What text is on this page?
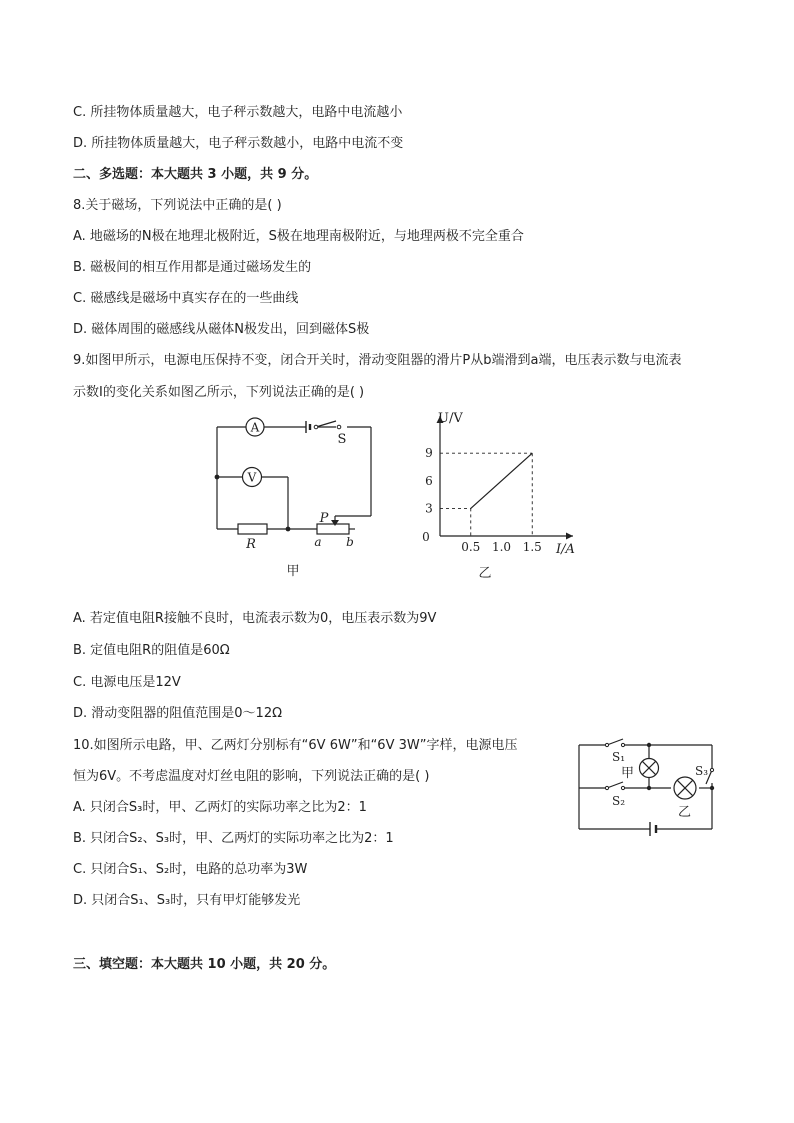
C. 所挂物体质量越大，电子秤示数越大，电路中电流越小
D. 所挂物体质量越大，电子秤示数越小，电路中电流不变
二、多选题：本大题共 3 小题，共 9 分。
8.关于磁场，下列说法中正确的是( )
A. 地磁场的N极在地理北极附近，S极在地理南极附近，与地理两极不完全重合
B. 磁极间的相互作用都是通过磁场发生的
C. 磁感线是磁场中真实存在的一些曲线
D. 磁体周围的磁感线从磁体N极发出，回到磁体S极
9.如图甲所示，电源电压保持不变，闭合开关时，滑动变阻器的滑片P从b端滑到a端，电压表示数与电流表
示数I的变化关系如图乙所示，下列说法正确的是( )
A
V
S
R
P
a b
甲
U/V
I/A
0
3
6
9
0.5 1.0 1.5
乙
A. 若定值电阻R接触不良时，电流表示数为0，电压表示数为9V
B. 定值电阻R的阻值是60Ω
C. 电源电压是12V
D. 滑动变阻器的阻值范围是0～12Ω
10.如图所示电路，甲、乙两灯分别标有“6V 6W”和“6V 3W”字样，电源电压
恒为6V。不考虑温度对灯丝电阻的影响，下列说法正确的是( )
A. 只闭合S₃时，甲、乙两灯的实际功率之比为2：1
B. 只闭合S₂、S₃时，甲、乙两灯的实际功率之比为2：1
C. 只闭合S₁、S₂时，电路的总功率为3W
D. 只闭合S₁、S₃时，只有甲灯能够发光
S₁
S₂
S₃
甲
乙
三、填空题：本大题共 10 小题，共 20 分。
